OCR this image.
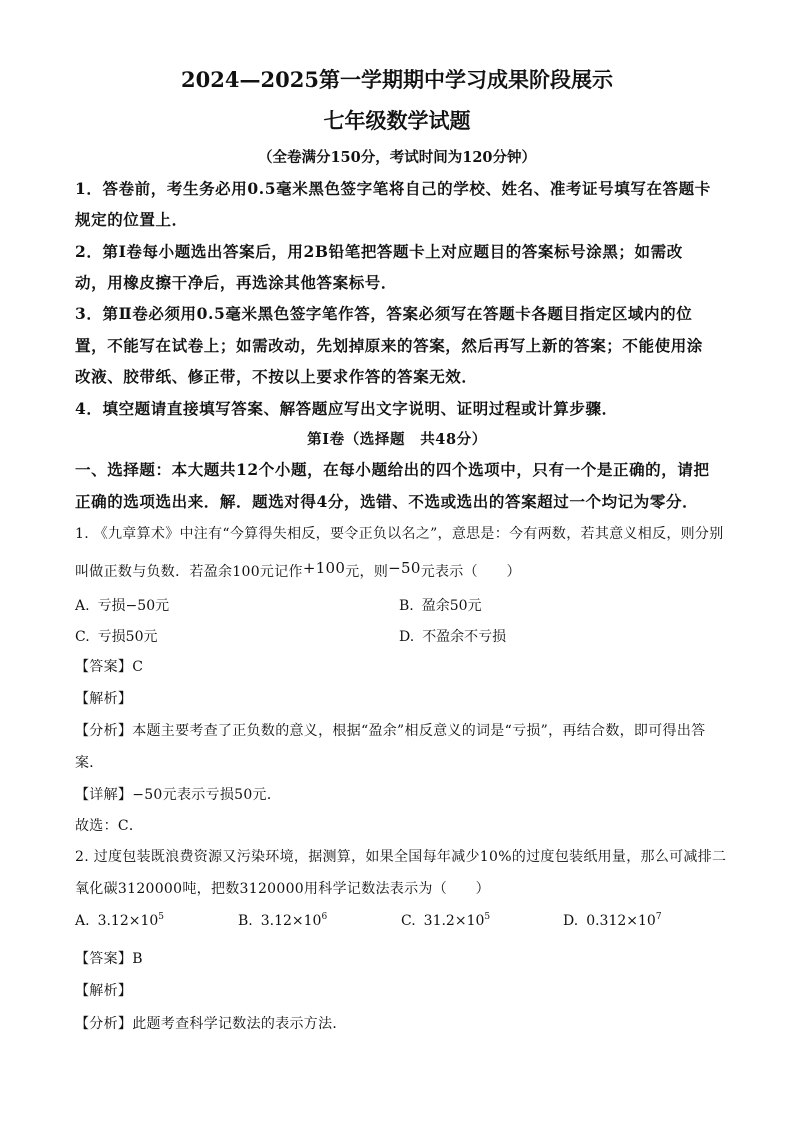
2024—2025第一学期期中学习成果阶段展示
七年级数学试题
（全卷满分150分，考试时间为120分钟）
1．答卷前，考生务必用0.5毫米黑色签字笔将自己的学校、姓名、准考证号填写在答题卡
规定的位置上．
2．第Ⅰ卷每小题选出答案后，用2B铅笔把答题卡上对应题目的答案标号涂黑；如需改
动，用橡皮擦干净后，再选涂其他答案标号．
3．第Ⅱ卷必须用0.5毫米黑色签字笔作答，答案必须写在答题卡各题目指定区域内的位
置，不能写在试卷上；如需改动，先划掉原来的答案，然后再写上新的答案；不能使用涂
改液、胶带纸、修正带，不按以上要求作答的答案无效．
4．填空题请直接填写答案、解答题应写出文字说明、证明过程或计算步骤．
第Ⅰ卷（选择题　共48分）
一、选择题：本大题共12个小题，在每小题给出的四个选项中，只有一个是正确的，请把
正确的选项选出来．解．题选对得4分，选错、不选或选出的答案超过一个均记为零分．
1. 《九章算术》中注有“今算得失相反，要令正负以名之”，意思是：今有两数，若其意义相反，则分别
叫做正数与负数．若盈余100元记作+100元，则−50元表示（　　）
A. 亏损−50元	B. 盈余50元
C. 亏损50元	D. 不盈余不亏损
【答案】C
【解析】
【分析】本题主要考查了正负数的意义，根据“盈余”相反意义的词是“亏损”，再结合数，即可得出答
案．
【详解】−50元表示亏损50元．
故选：C．
2. 过度包装既浪费资源又污染环境，据测算，如果全国每年减少10%的过度包装纸用量，那么可减排二
氧化碳3120000吨，把数3120000用科学记数法表示为（　　）
A. $3.12\times 10^5$	B. $3.12\times 10^6$	C. $31.2\times 10^5$	D. $0.312\times 10^7$
【答案】B
【解析】
【分析】此题考查科学记数法的表示方法．
